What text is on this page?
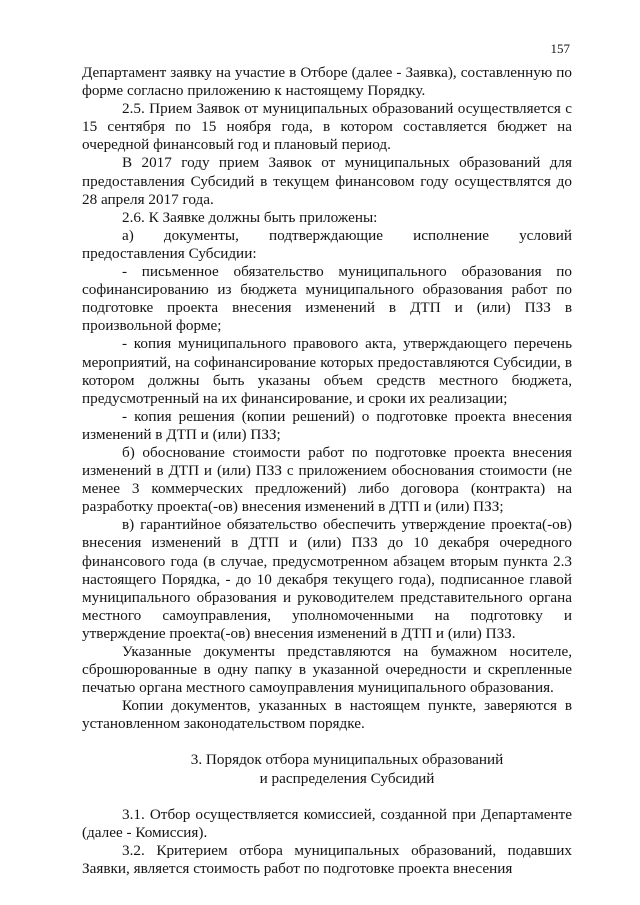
157

Департамент заявку на участие в Отборе (далее - Заявка), составленную по форме согласно приложению к настоящему Порядку.

2.5. Прием Заявок от муниципальных образований осуществляется с 15 сентября по 15 ноября года, в котором составляется бюджет на очередной финансовый год и плановый период.

В 2017 году прием Заявок от муниципальных образований для предоставления Субсидий в текущем финансовом году осуществлятся до 28 апреля 2017 года.

2.6. К Заявке должны быть приложены:

а) документы, подтверждающие исполнение условий предоставления Субсидии:

- письменное обязательство муниципального образования по софинансированию из бюджета муниципального образования работ по подготовке проекта внесения изменений в ДТП и (или) ПЗЗ в произвольной форме;

- копия муниципального правового акта, утверждающего перечень мероприятий, на софинансирование которых предоставляются Субсидии, в котором должны быть указаны объем средств местного бюджета, предусмотренный на их финансирование, и сроки их реализации;

- копия решения (копии решений) о подготовке проекта внесения изменений в ДТП и (или) ПЗЗ;

б) обоснование стоимости работ по подготовке проекта внесения изменений в ДТП и (или) ПЗЗ с приложением обоснования стоимости (не менее 3 коммерческих предложений) либо договора (контракта) на разработку проекта(-ов) внесения изменений в ДТП и (или) ПЗЗ;

в) гарантийное обязательство обеспечить утверждение проекта(-ов) внесения изменений в ДТП и (или) ПЗЗ до 10 декабря очередного финансового года (в случае, предусмотренном абзацем вторым пункта 2.3 настоящего Порядка, - до 10 декабря текущего года), подписанное главой муниципального образования и руководителем представительного органа местного самоуправления, уполномоченными на подготовку и утверждение проекта(-ов) внесения изменений в ДТП и (или) ПЗЗ.

Указанные документы представляются на бумажном носителе, сброшюрованные в одну папку в указанной очередности и скрепленные печатью органа местного самоуправления муниципального образования.

Копии документов, указанных в настоящем пункте, заверяются в установленном законодательством порядке.

3. Порядок отбора муниципальных образований

и распределения Субсидий

3.1. Отбор осуществляется комиссией, созданной при Департаменте (далее - Комиссия).

3.2. Критерием отбора муниципальных образований, подавших Заявки, является стоимость работ по подготовке проекта внесения
